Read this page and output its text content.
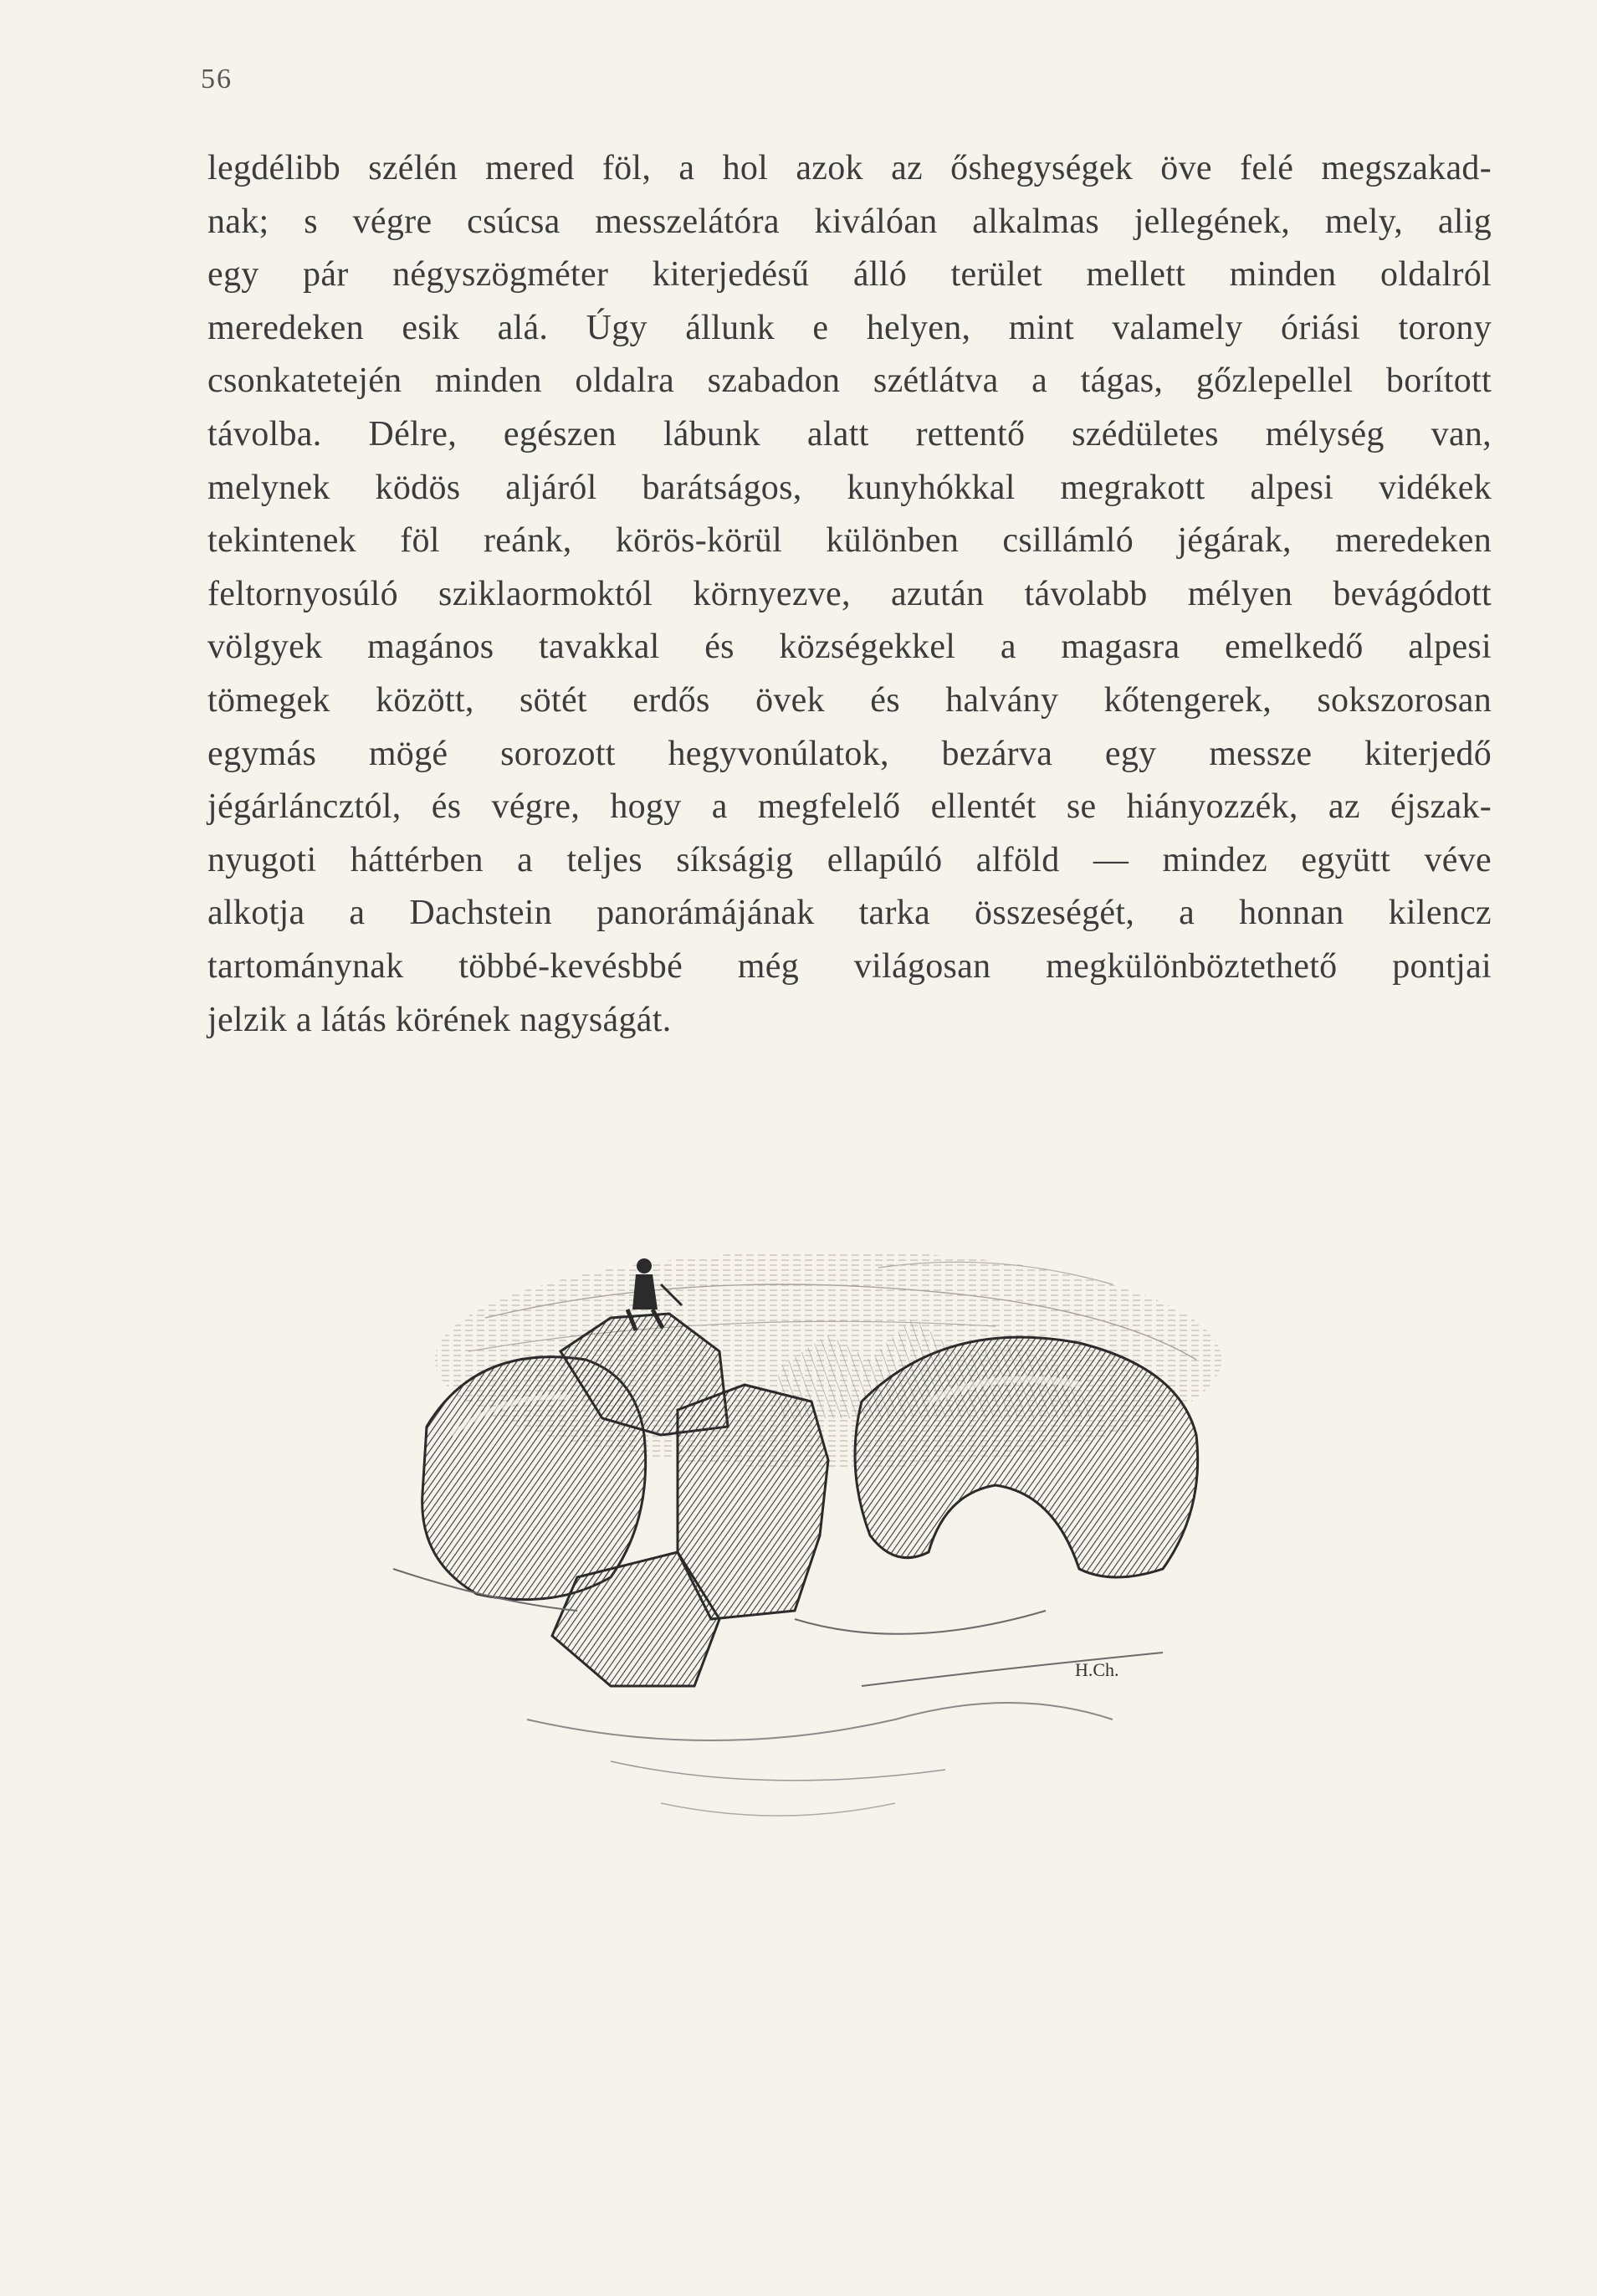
56
legdélibb szélén mered föl, a hol azok az őshegységek öve felé megszakad-
nak; s végre csúcsa messzelátóra kiválóan alkalmas jellegének, mely, alig
egy pár négyszögméter kiterjedésű álló terület mellett minden oldalról
meredeken esik alá. Úgy állunk e helyen, mint valamely óriási torony
csonkatetején minden oldalra szabadon szétlátva a tágas, gőzlepellel borított
távolba. Délre, egészen lábunk alatt rettentő szédületes mélység van,
melynek ködös aljáról barátságos, kunyhókkal megrakott alpesi vidékek
tekintenek föl reánk, körös-körül különben csillámló jégárak, meredeken
feltornyosúló sziklaormoktól környezve, azután távolabb mélyen bevágódott
völgyek magános tavakkal és községekkel a magasra emelkedő alpesi
tömegek között, sötét erdős övek és halvány kőtengerek, sokszorosan
egymás mögé sorozott hegyvonúlatok, bezárva egy messze kiterjedő
jégárláncztól, és végre, hogy a megfelelő ellentét se hiányozzék, az éjszak-
nyugoti háttérben a teljes síkságig ellapúló alföld — mindez együtt véve
alkotja a Dachstein panorámájának tarka összeségét, a honnan kilencz
tartománynak többé-kevésbbé még világosan megkülönböztethető pontjai
jelzik a látás körének nagyságát.
H.Ch.
